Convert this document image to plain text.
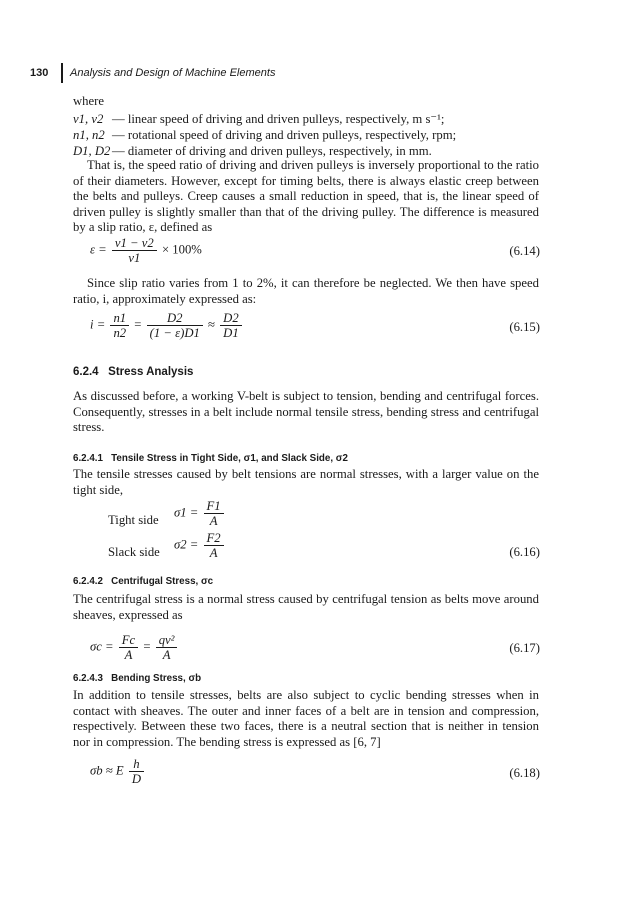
130 Analysis and Design of Machine Elements
where
v1, v2 — linear speed of driving and driven pulleys, respectively, m s⁻¹;
n1, n2 — rotational speed of driving and driven pulleys, respectively, rpm;
D1, D2 — diameter of driving and driven pulleys, respectively, in mm.
That is, the speed ratio of driving and driven pulleys is inversely proportional to the ratio of their diameters. However, except for timing belts, there is always elastic creep between the belts and pulleys. Creep causes a small reduction in speed, that is, the linear speed of driven pulley is slightly smaller than that of the driving pulley. The difference is measured by a slip ratio, ε, defined as
$\varepsilon = \frac{v1 - v2}{v1} \times 100\%$	(6.14)
Since slip ratio varies from 1 to 2%, it can therefore be neglected. We then have speed ratio, i, approximately expressed as:
$i = \frac{n1}{n2} = \frac{D2}{(1 - \varepsilon)D1} \approx \frac{D2}{D1}$	(6.15)
6.2.4 Stress Analysis
As discussed before, a working V-belt is subject to tension, bending and centrifugal forces. Consequently, stresses in a belt include normal tensile stress, bending stress and centrifugal stress.
6.2.4.1 Tensile Stress in Tight Side, σ1, and Slack Side, σ2
The tensile stresses caused by belt tensions are normal stresses, with a larger value on the tight side,
Tight side
$\sigma 1 = \frac{F1}{A}$
Slack side
$\sigma 2 = \frac{F2}{A}$	(6.16)
6.2.4.2 Centrifugal Stress, σc
The centrifugal stress is a normal stress caused by centrifugal tension as belts move around sheaves, expressed as
$\sigma c = \frac{Fc}{A} = \frac{\text{qv²}}{A}$	(6.17)
6.2.4.3 Bending Stress, σb
In addition to tensile stresses, belts are also subject to cyclic bending stresses when in contact with sheaves. The outer and inner faces of a belt are in tension and compression, respectively. Between these two faces, there is a neutral section that is neither in tension nor in compression. The bending stress is expressed as [6, 7]
σb ≈ E $\frac{h}{D}$	(6.18)
